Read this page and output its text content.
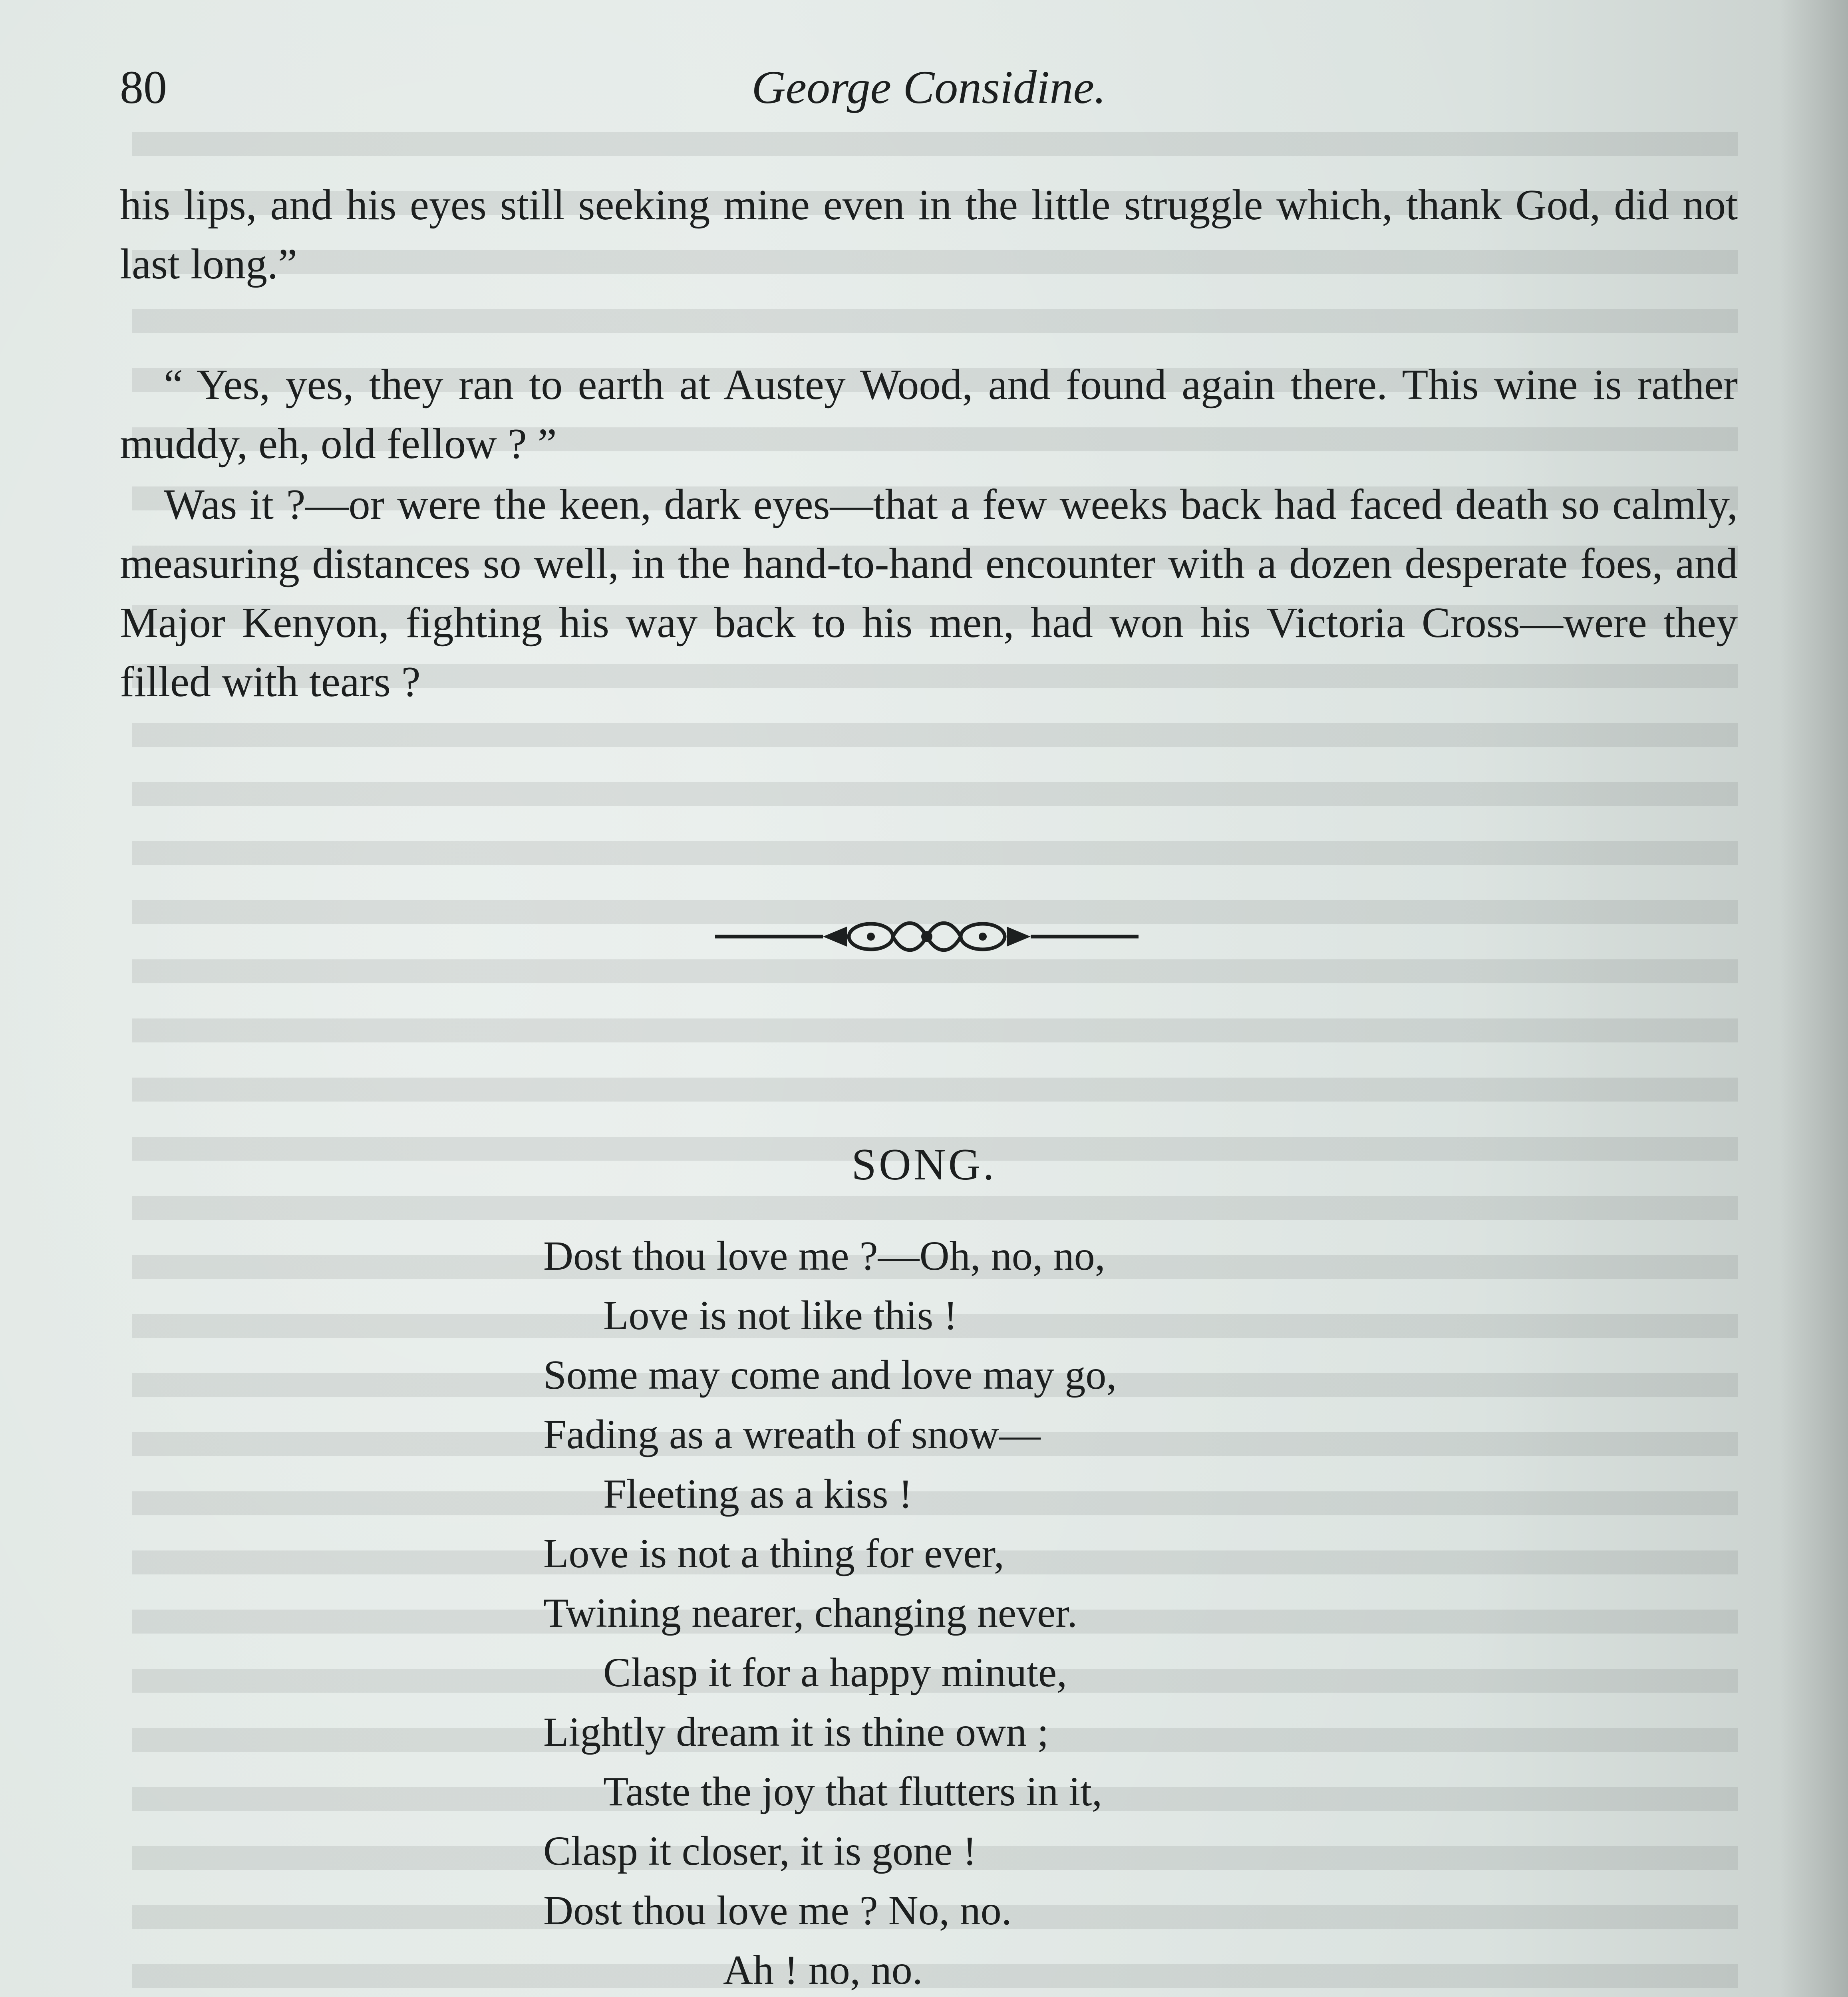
80	George Considine.

his lips, and his eyes still seeking mine even in the little struggle which, thank God, did not last long.”

“ Yes, yes, they ran to earth at Austey Wood, and found again there. This wine is rather muddy, eh, old fellow ? ”

Was it ?—or were the keen, dark eyes—that a few weeks back had faced death so calmly, measuring distances so well, in the hand-to-hand encounter with a dozen desperate foes, and Major Kenyon, fighting his way back to his men, had won his Victoria Cross—were they filled with tears ?

SONG.
Dost thou love me ?—Oh, no, no,
Love is not like this !
Some may come and love may go,
Fading as a wreath of snow—
Fleeting as a kiss !
Love is not a thing for ever,
Twining nearer, changing never.
Clasp it for a happy minute,
Lightly dream it is thine own ;
Taste the joy that flutters in it,
Clasp it closer, it is gone !
Dost thou love me ? No, no.
Ah ! no, no.
